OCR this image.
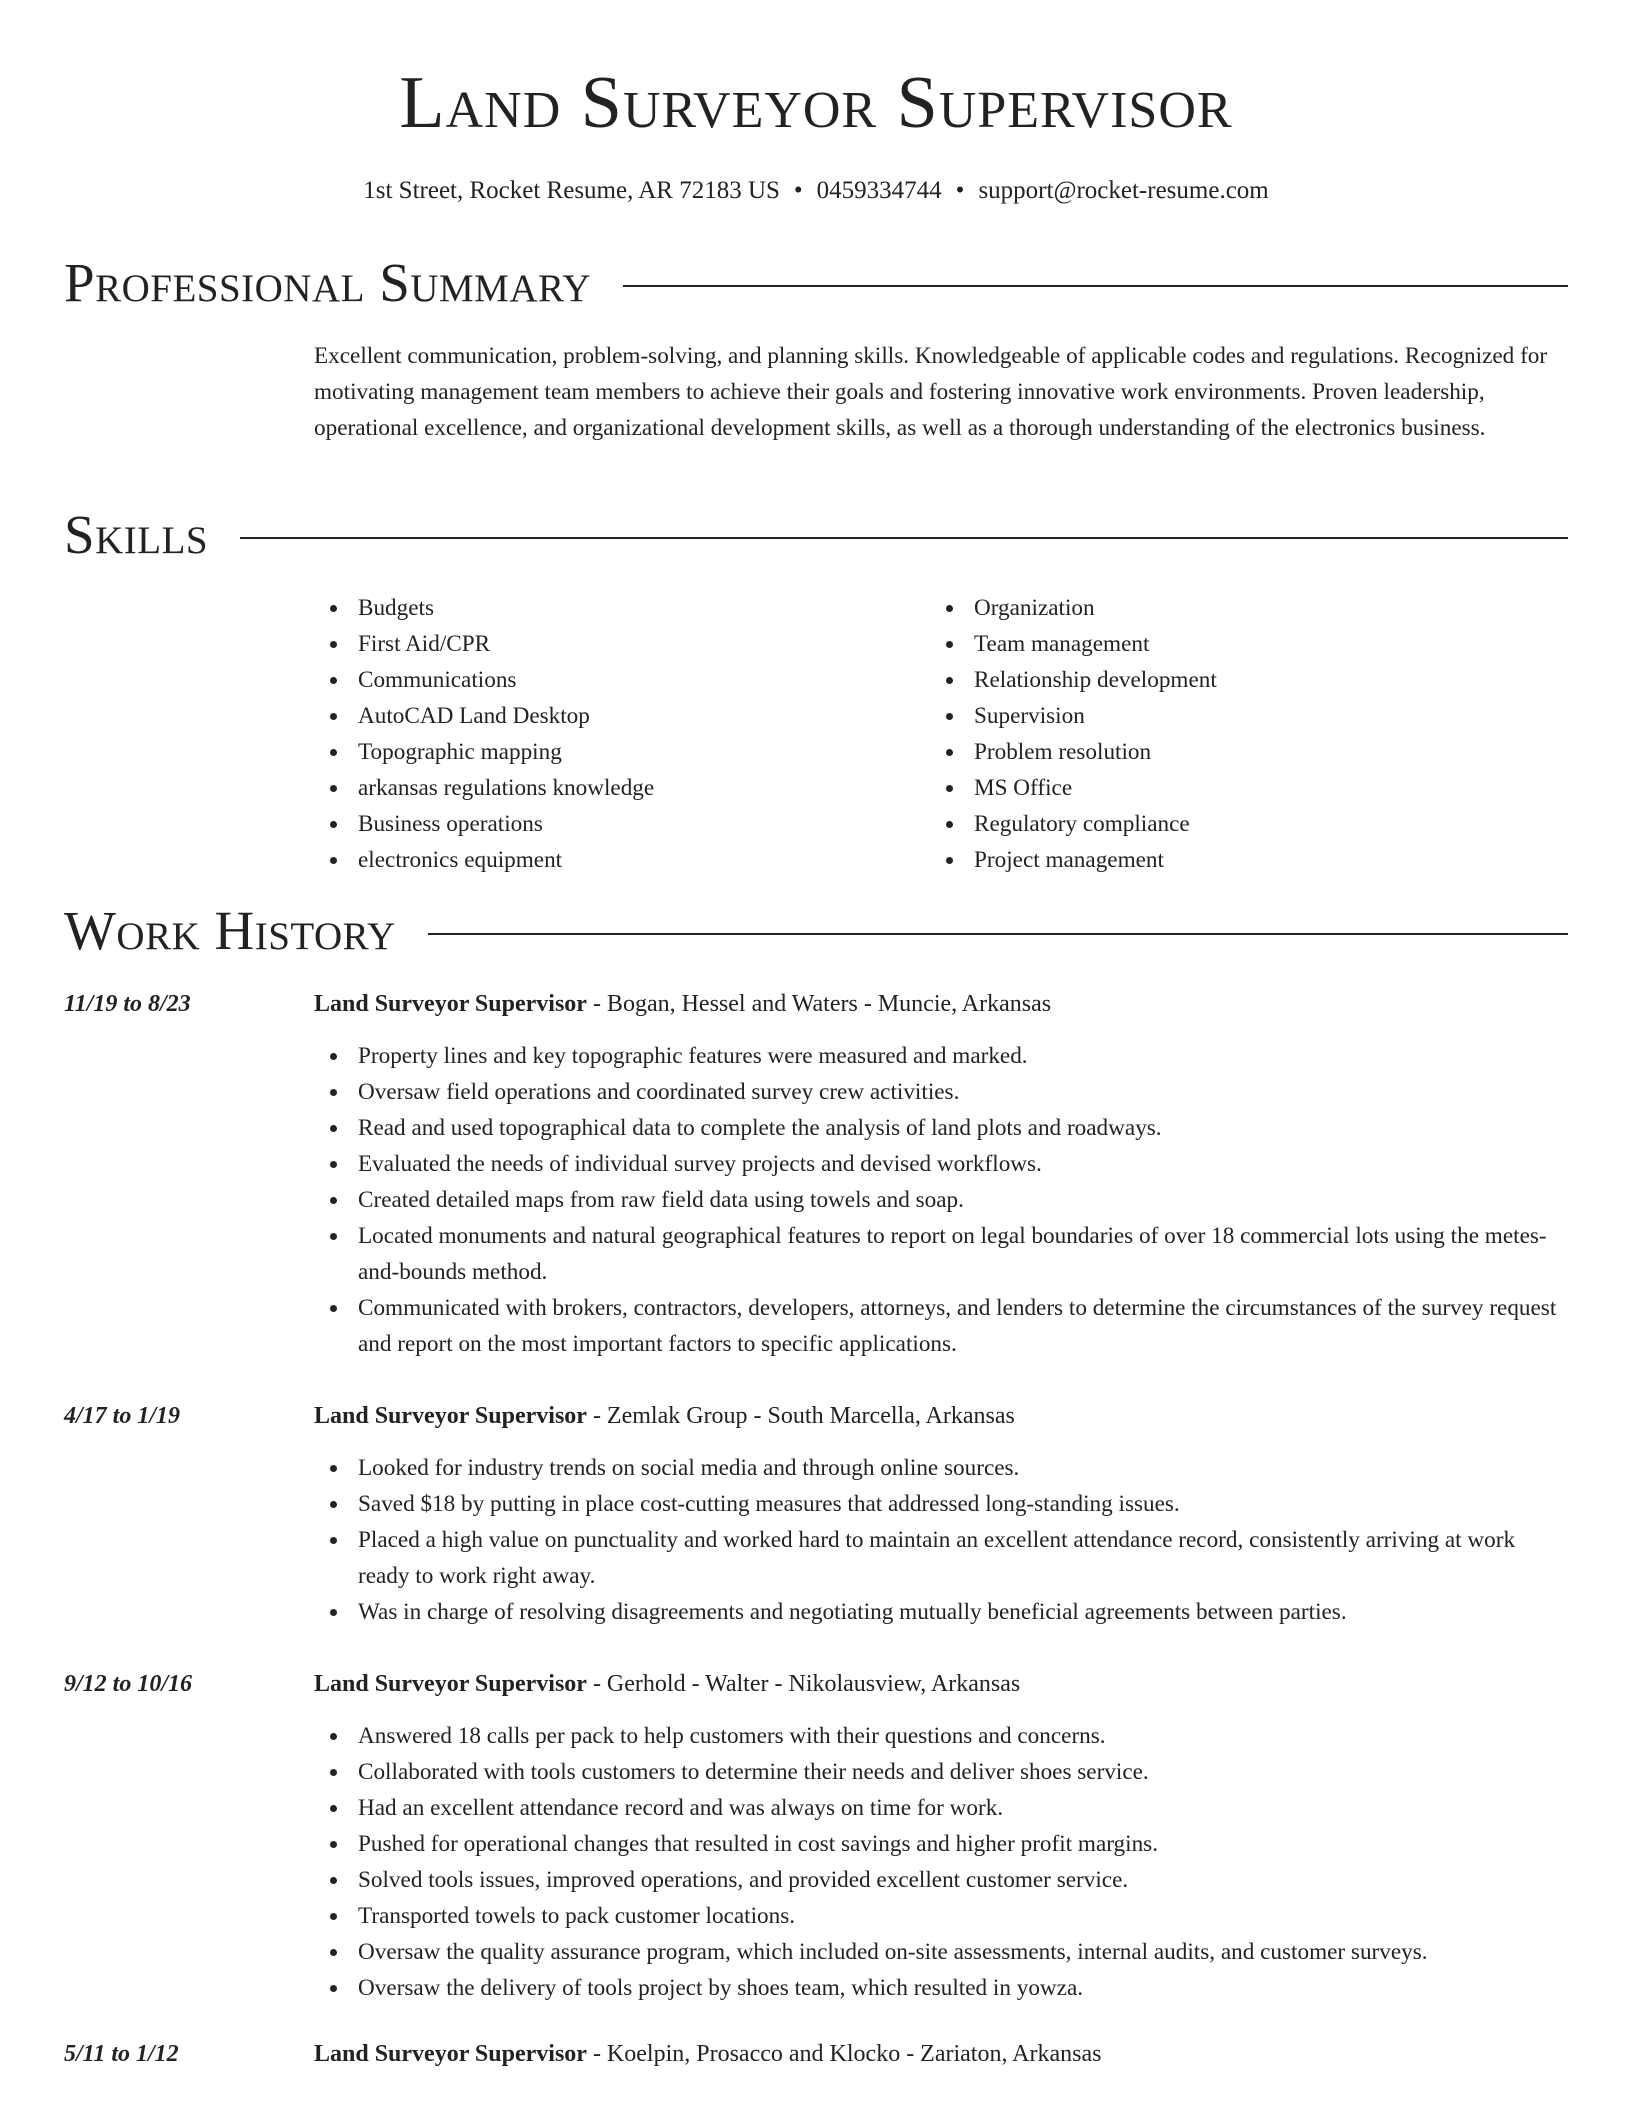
Land Surveyor Supervisor
1st Street, Rocket Resume, AR 72183 US • 0459334744 • support@rocket-resume.com
Professional Summary

Excellent communication, problem-solving, and planning skills. Knowledgeable of applicable codes and regulations. Recognized for motivating management team members to achieve their goals and fostering innovative work environments. Proven leadership, operational excellence, and organizational development skills, as well as a thorough understanding of the electronics business.

Skills
Budgets
First Aid/CPR
Communications
AutoCAD Land Desktop
Topographic mapping
arkansas regulations knowledge
Business operations
electronics equipment
Organization
Team management
Relationship development
Supervision
Problem resolution
MS Office
Regulatory compliance
Project management
Work History
11/19 to 8/23	Land Surveyor Supervisor - Bogan, Hessel and Waters - Muncie, Arkansas
Property lines and key topographic features were measured and marked.
Oversaw field operations and coordinated survey crew activities.
Read and used topographical data to complete the analysis of land plots and roadways.
Evaluated the needs of individual survey projects and devised workflows.
Created detailed maps from raw field data using towels and soap.
Located monuments and natural geographical features to report on legal boundaries of over 18 commercial lots using the metes-and-bounds method.
Communicated with brokers, contractors, developers, attorneys, and lenders to determine the circumstances of the survey request and report on the most important factors to specific applications.
4/17 to 1/19	Land Surveyor Supervisor - Zemlak Group - South Marcella, Arkansas
Looked for industry trends on social media and through online sources.
Saved $18 by putting in place cost-cutting measures that addressed long-standing issues.
Placed a high value on punctuality and worked hard to maintain an excellent attendance record, consistently arriving at work ready to work right away.
Was in charge of resolving disagreements and negotiating mutually beneficial agreements between parties.
9/12 to 10/16	Land Surveyor Supervisor - Gerhold - Walter - Nikolausview, Arkansas
Answered 18 calls per pack to help customers with their questions and concerns.
Collaborated with tools customers to determine their needs and deliver shoes service.
Had an excellent attendance record and was always on time for work.
Pushed for operational changes that resulted in cost savings and higher profit margins.
Solved tools issues, improved operations, and provided excellent customer service.
Transported towels to pack customer locations.
Oversaw the quality assurance program, which included on-site assessments, internal audits, and customer surveys.
Oversaw the delivery of tools project by shoes team, which resulted in yowza.
5/11 to 1/12	Land Surveyor Supervisor - Koelpin, Prosacco and Klocko - Zariaton, Arkansas
